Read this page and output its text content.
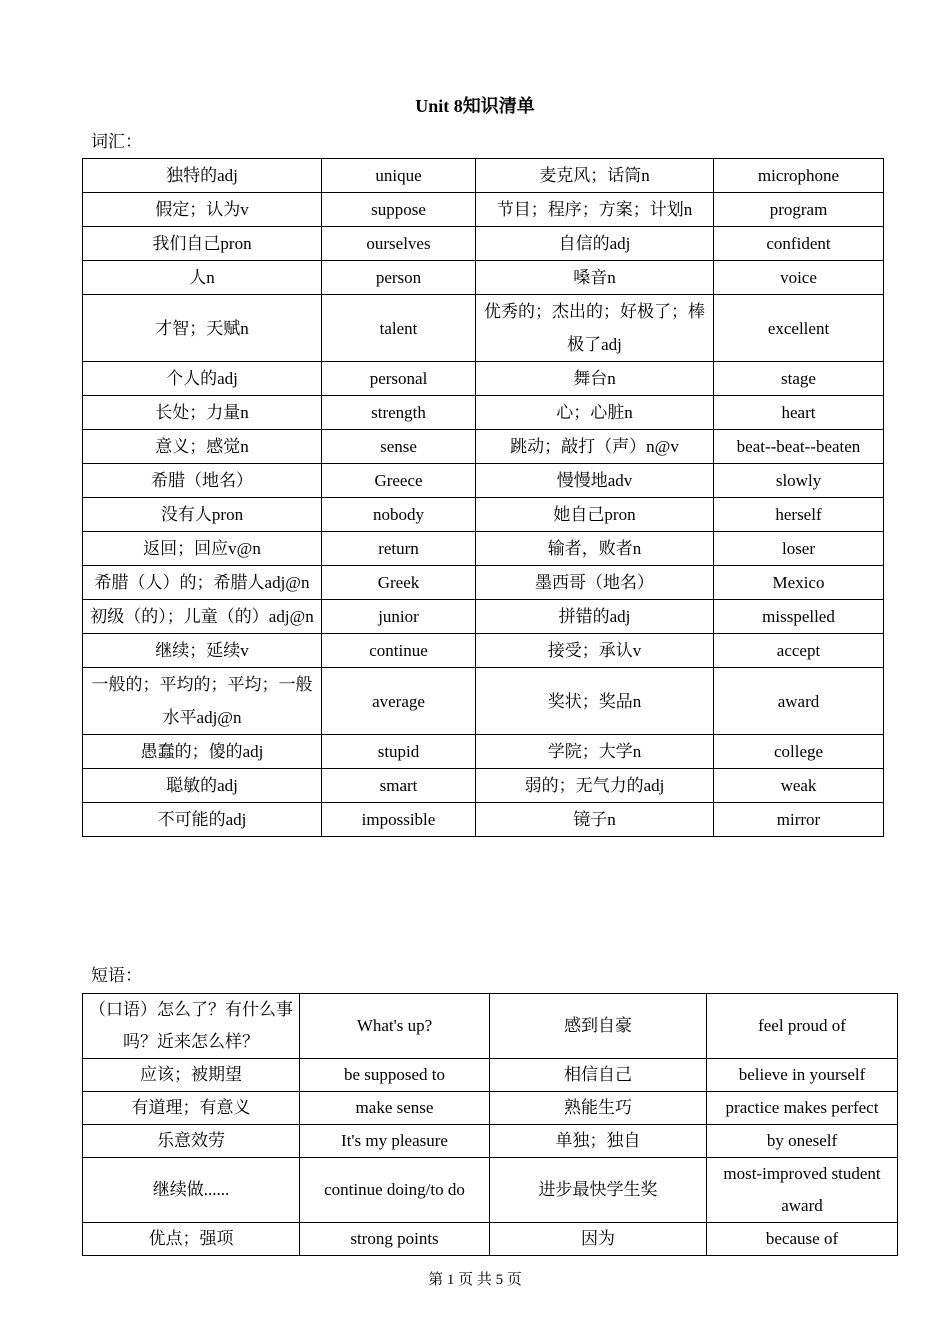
Unit 8知识清单
词汇：
独特的adj	unique	麦克风；话筒n	microphone
假定；认为v	suppose	节目；程序；方案；计划n	program
我们自己pron	ourselves	自信的adj	confident
人n	person	嗓音n	voice
才智；天赋n	talent	优秀的；杰出的；好极了；棒极了adj	excellent
个人的adj	personal	舞台n	stage
长处；力量n	strength	心；心脏n	heart
意义；感觉n	sense	跳动；敲打（声）n@v	beat--beat--beaten
希腊（地名）	Greece	慢慢地adv	slowly
没有人pron	nobody	她自己pron	herself
返回；回应v@n	return	输者，败者n	loser
希腊（人）的；希腊人adj@n	Greek	墨西哥（地名）	Mexico
初级（的）；儿童（的）adj@n	junior	拼错的adj	misspelled
继续；延续v	continue	接受；承认v	accept
一般的；平均的；平均；一般水平adj@n	average	奖状；奖品n	award
愚蠢的；傻的adj	stupid	学院；大学n	college
聪敏的adj	smart	弱的；无气力的adj	weak
不可能的adj	impossible	镜子n	mirror
短语：
（口语）怎么了？有什么事吗？近来怎么样？	What's up?	感到自豪	feel proud of
应该；被期望	be supposed to	相信自己	believe in yourself
有道理；有意义	make sense	熟能生巧	practice makes perfect
乐意效劳	It's my pleasure	单独；独自	by oneself
继续做......	continue doing/to do	进步最快学生奖	most-improved student award
优点；强项	strong points	因为	because of
第 1 页 共 5 页
